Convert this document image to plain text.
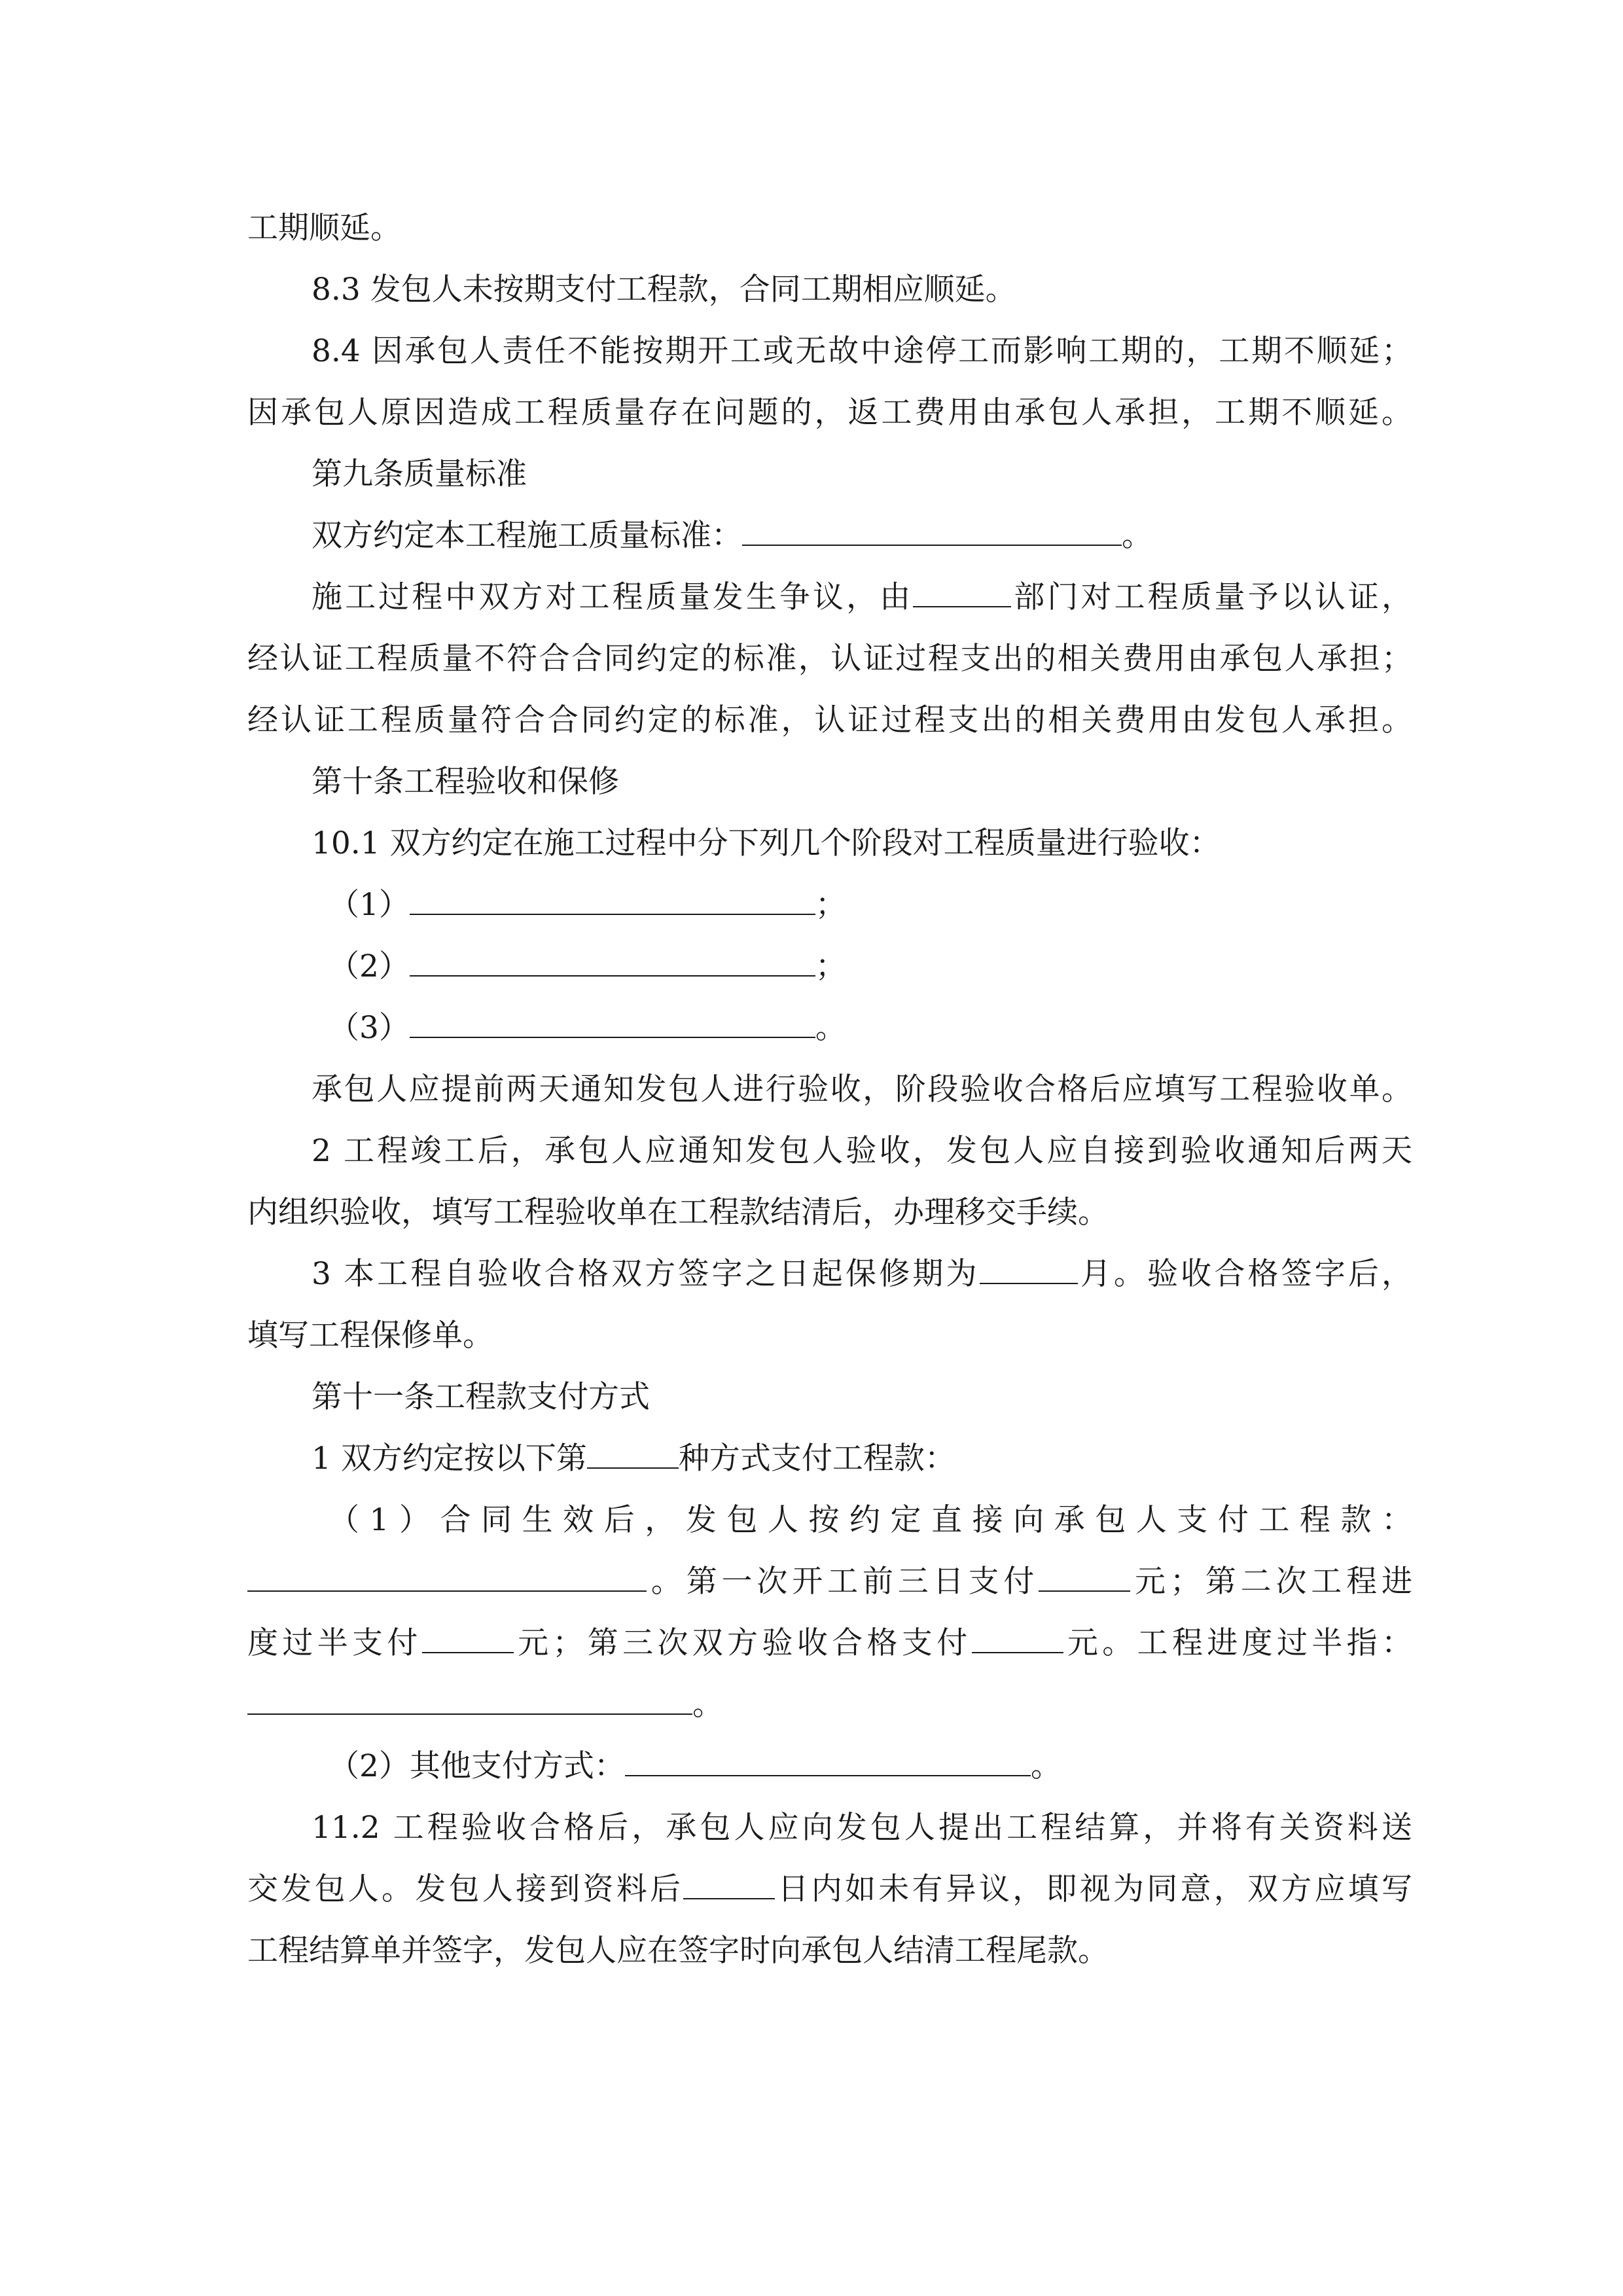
工期顺延。
8.3 发包人未按期支付工程款，合同工期相应顺延。
8.4 因承包人责任不能按期开工或无故中途停工而影响工期的，工期不顺延；
因承包人原因造成工程质量存在问题的，返工费用由承包人承担，工期不顺延。
第九条质量标准
双方约定本工程施工质量标准：	。
施工过程中双方对工程质量发生争议，由	部门对工程质量予以认证，
经认证工程质量不符合合同约定的标准，认证过程支出的相关费用由承包人承担；
经认证工程质量符合合同约定的标准，认证过程支出的相关费用由发包人承担。
第十条工程验收和保修
10.1 双方约定在施工过程中分下列几个阶段对工程质量进行验收：
（1）	；
（2）	；
（3）	。
承包人应提前两天通知发包人进行验收，阶段验收合格后应填写工程验收单。
2 工程竣工后，承包人应通知发包人验收，发包人应自接到验收通知后两天
内组织验收，填写工程验收单在工程款结清后，办理移交手续。
3 本工程自验收合格双方签字之日起保修期为	月。验收合格签字后，
填写工程保修单。
第十一条工程款支付方式
1 双方约定按以下第	种方式支付工程款：
（1）合同生效后，发包人按约定直接向承包人支付工程款：
。第一次开工前三日支付	元；第二次工程进
度过半支付	元；第三次双方验收合格支付	元。工程进度过半指：
。
（2）其他支付方式：	。
11.2 工程验收合格后，承包人应向发包人提出工程结算，并将有关资料送
交发包人。发包人接到资料后	日内如未有异议，即视为同意，双方应填写
工程结算单并签字，发包人应在签字时向承包人结清工程尾款。
